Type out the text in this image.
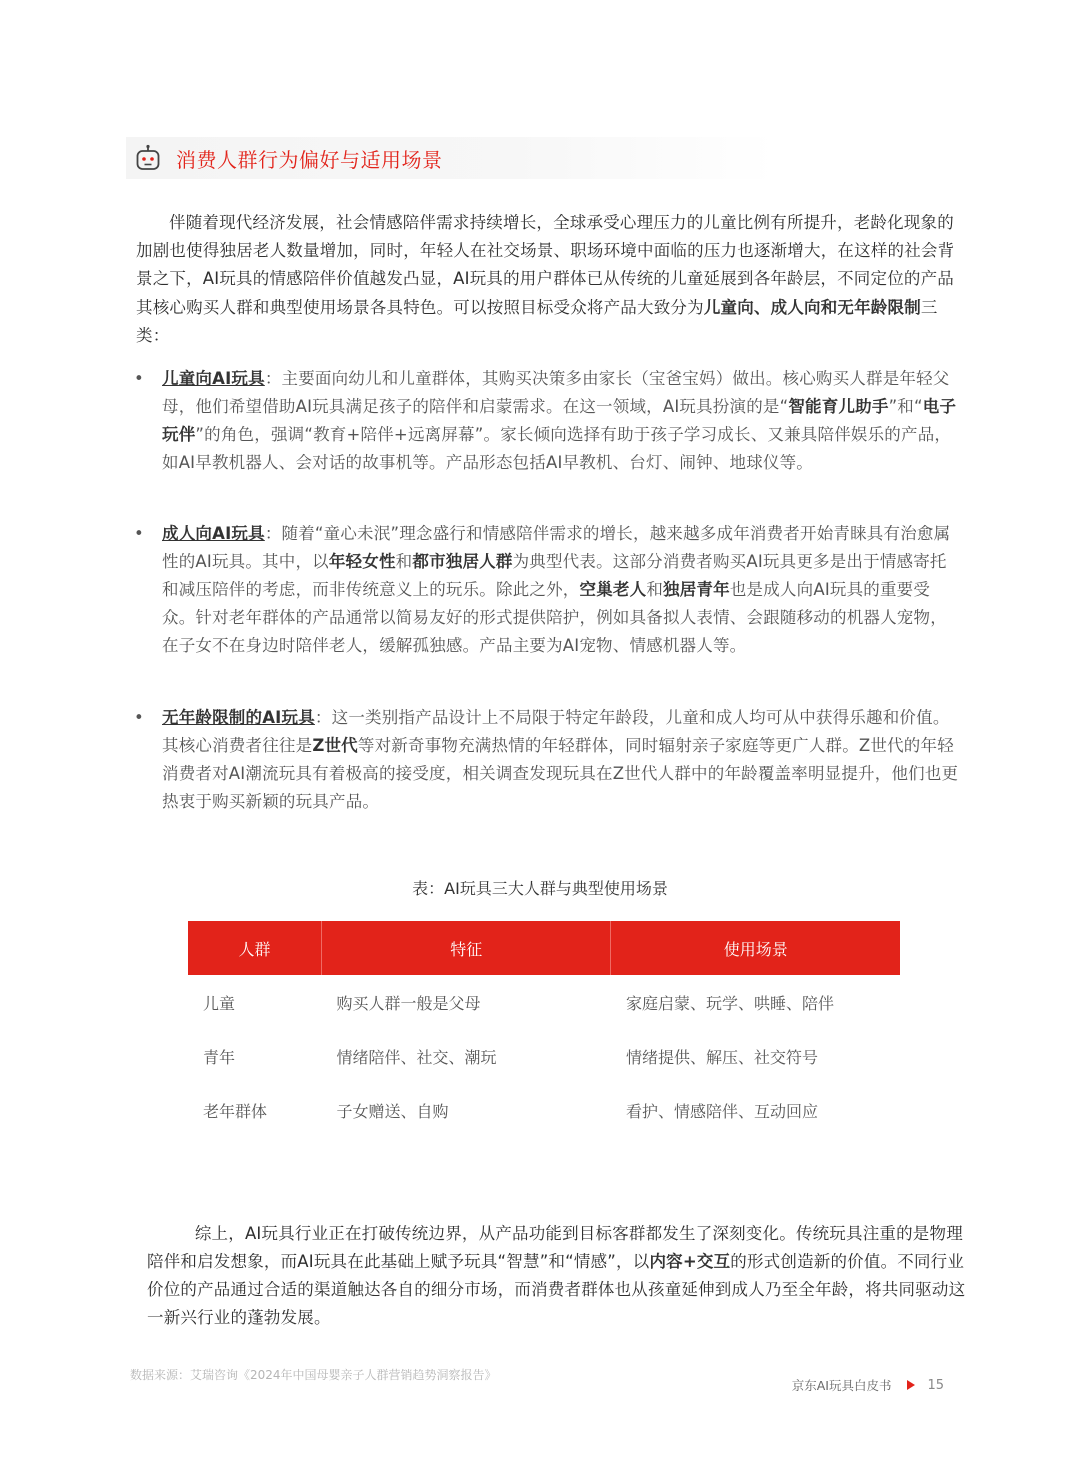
消费人群行为偏好与适用场景
伴随着现代经济发展，社会情感陪伴需求持续增长，全球承受心理压力的儿童比例有所提升，老龄化现象的加剧也使得独居老人数量增加，同时，年轻人在社交场景、职场环境中面临的压力也逐渐增大，在这样的社会背景之下，AI玩具的情感陪伴价值越发凸显，AI玩具的用户群体已从传统的儿童延展到各年龄层，不同定位的产品其核心购买人群和典型使用场景各具特色。可以按照目标受众将产品大致分为儿童向、成人向和无年龄限制三类：
• 儿童向AI玩具：主要面向幼儿和儿童群体，其购买决策多由家长（宝爸宝妈）做出。核心购买人群是年轻父母，他们希望借助AI玩具满足孩子的陪伴和启蒙需求。在这一领域，AI玩具扮演的是“智能育儿助手”和“电子玩伴”的角色，强调“教育+陪伴+远离屏幕”。家长倾向选择有助于孩子学习成长、又兼具陪伴娱乐的产品，如AI早教机器人、会对话的故事机等。产品形态包括AI早教机、台灯、闹钟、地球仪等。
• 成人向AI玩具：随着“童心未泯”理念盛行和情感陪伴需求的增长，越来越多成年消费者开始青睐具有治愈属性的AI玩具。其中，以年轻女性和都市独居人群为典型代表。这部分消费者购买AI玩具更多是出于情感寄托和减压陪伴的考虑，而非传统意义上的玩乐。除此之外，空巢老人和独居青年也是成人向AI玩具的重要受众。针对老年群体的产品通常以简易友好的形式提供陪护，例如具备拟人表情、会跟随移动的机器人宠物，在子女不在身边时陪伴老人，缓解孤独感。产品主要为AI宠物、情感机器人等。
• 无年龄限制的AI玩具：这一类别指产品设计上不局限于特定年龄段，儿童和成人均可从中获得乐趣和价值。其核心消费者往往是Z世代等对新奇事物充满热情的年轻群体，同时辐射亲子家庭等更广人群。Z世代的年轻消费者对AI潮流玩具有着极高的接受度，相关调查发现玩具在Z世代人群中的年龄覆盖率明显提升，他们也更热衷于购买新颖的玩具产品。
表：AI玩具三大人群与典型使用场景
人群	特征	使用场景
儿童	购买人群一般是父母	家庭启蒙、玩学、哄睡、陪伴
青年	情绪陪伴、社交、潮玩	情绪提供、解压、社交符号
老年群体	子女赠送、自购	看护、情感陪伴、互动回应
综上，AI玩具行业正在打破传统边界，从产品功能到目标客群都发生了深刻变化。传统玩具注重的是物理陪伴和启发想象，而AI玩具在此基础上赋予玩具“智慧”和“情感”，以内容+交互的形式创造新的价值。不同行业价位的产品通过合适的渠道触达各自的细分市场，而消费者群体也从孩童延伸到成人乃至全年龄，将共同驱动这一新兴行业的蓬勃发展。
数据来源：艾瑞咨询《2024年中国母婴亲子人群营销趋势洞察报告》
京东AI玩具白皮书	15
